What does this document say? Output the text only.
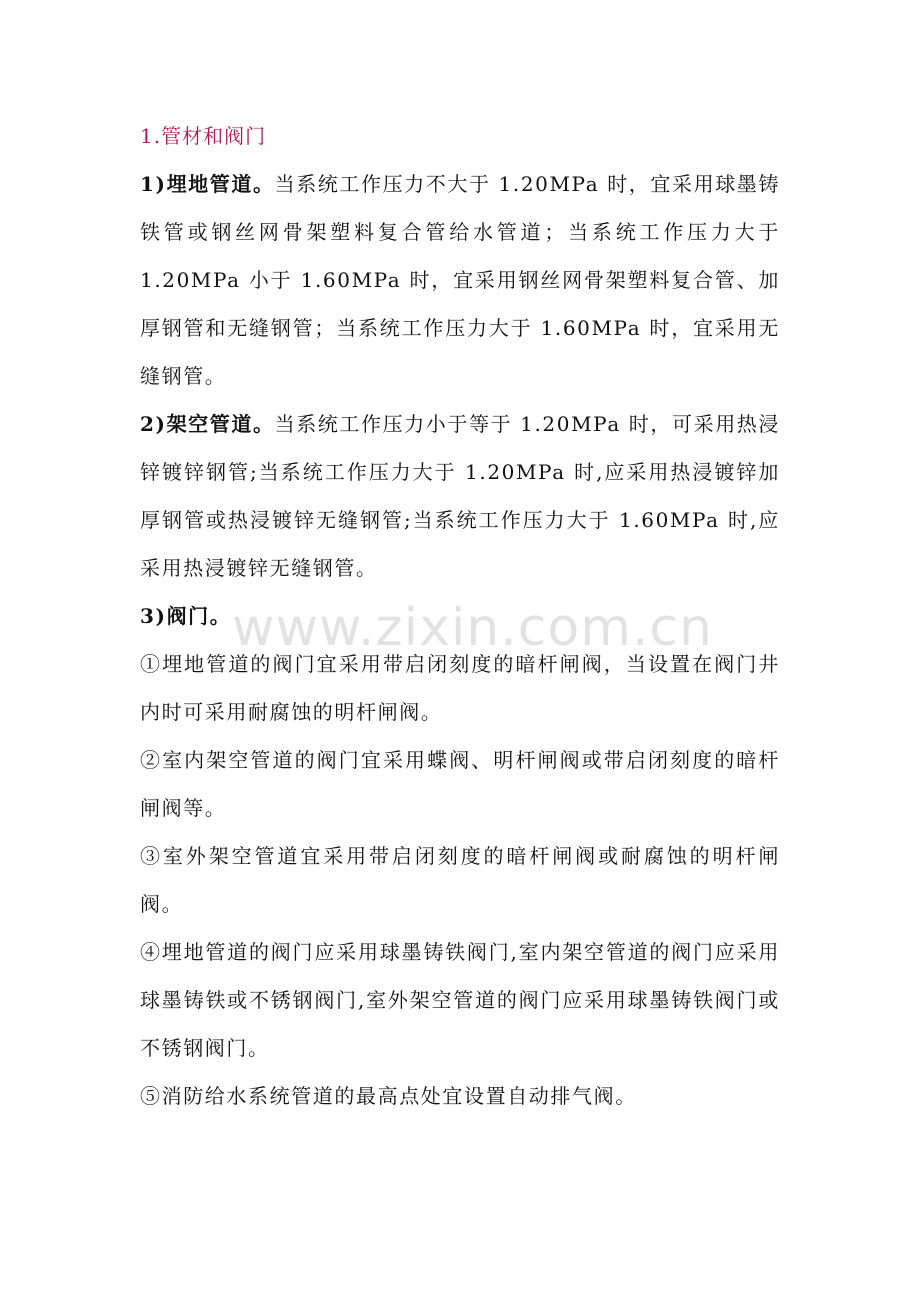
1.管材和阀门

1)埋地管道。当系统工作压力不大于 1.20MPa 时，宜采用球墨铸铁管或钢丝网骨架塑料复合管给水管道；当系统工作压力大于 1.20MPa 小于 1.60MPa 时，宜采用钢丝网骨架塑料复合管、加厚钢管和无缝钢管；当系统工作压力大于 1.60MPa 时，宜采用无缝钢管。

2)架空管道。当系统工作压力小于等于 1.20MPa 时，可采用热浸锌镀锌钢管;当系统工作压力大于 1.20MPa 时,应采用热浸镀锌加厚钢管或热浸镀锌无缝钢管;当系统工作压力大于 1.60MPa 时,应采用热浸镀锌无缝钢管。

3)阀门。

①埋地管道的阀门宜采用带启闭刻度的暗杆闸阀，当设置在阀门井内时可采用耐腐蚀的明杆闸阀。

②室内架空管道的阀门宜采用蝶阀、明杆闸阀或带启闭刻度的暗杆闸阀等。

③室外架空管道宜采用带启闭刻度的暗杆闸阀或耐腐蚀的明杆闸阀。

④埋地管道的阀门应采用球墨铸铁阀门,室内架空管道的阀门应采用球墨铸铁或不锈钢阀门,室外架空管道的阀门应采用球墨铸铁阀门或不锈钢阀门。

⑤消防给水系统管道的最高点处宜设置自动排气阀。

www.zixin.com.cn
